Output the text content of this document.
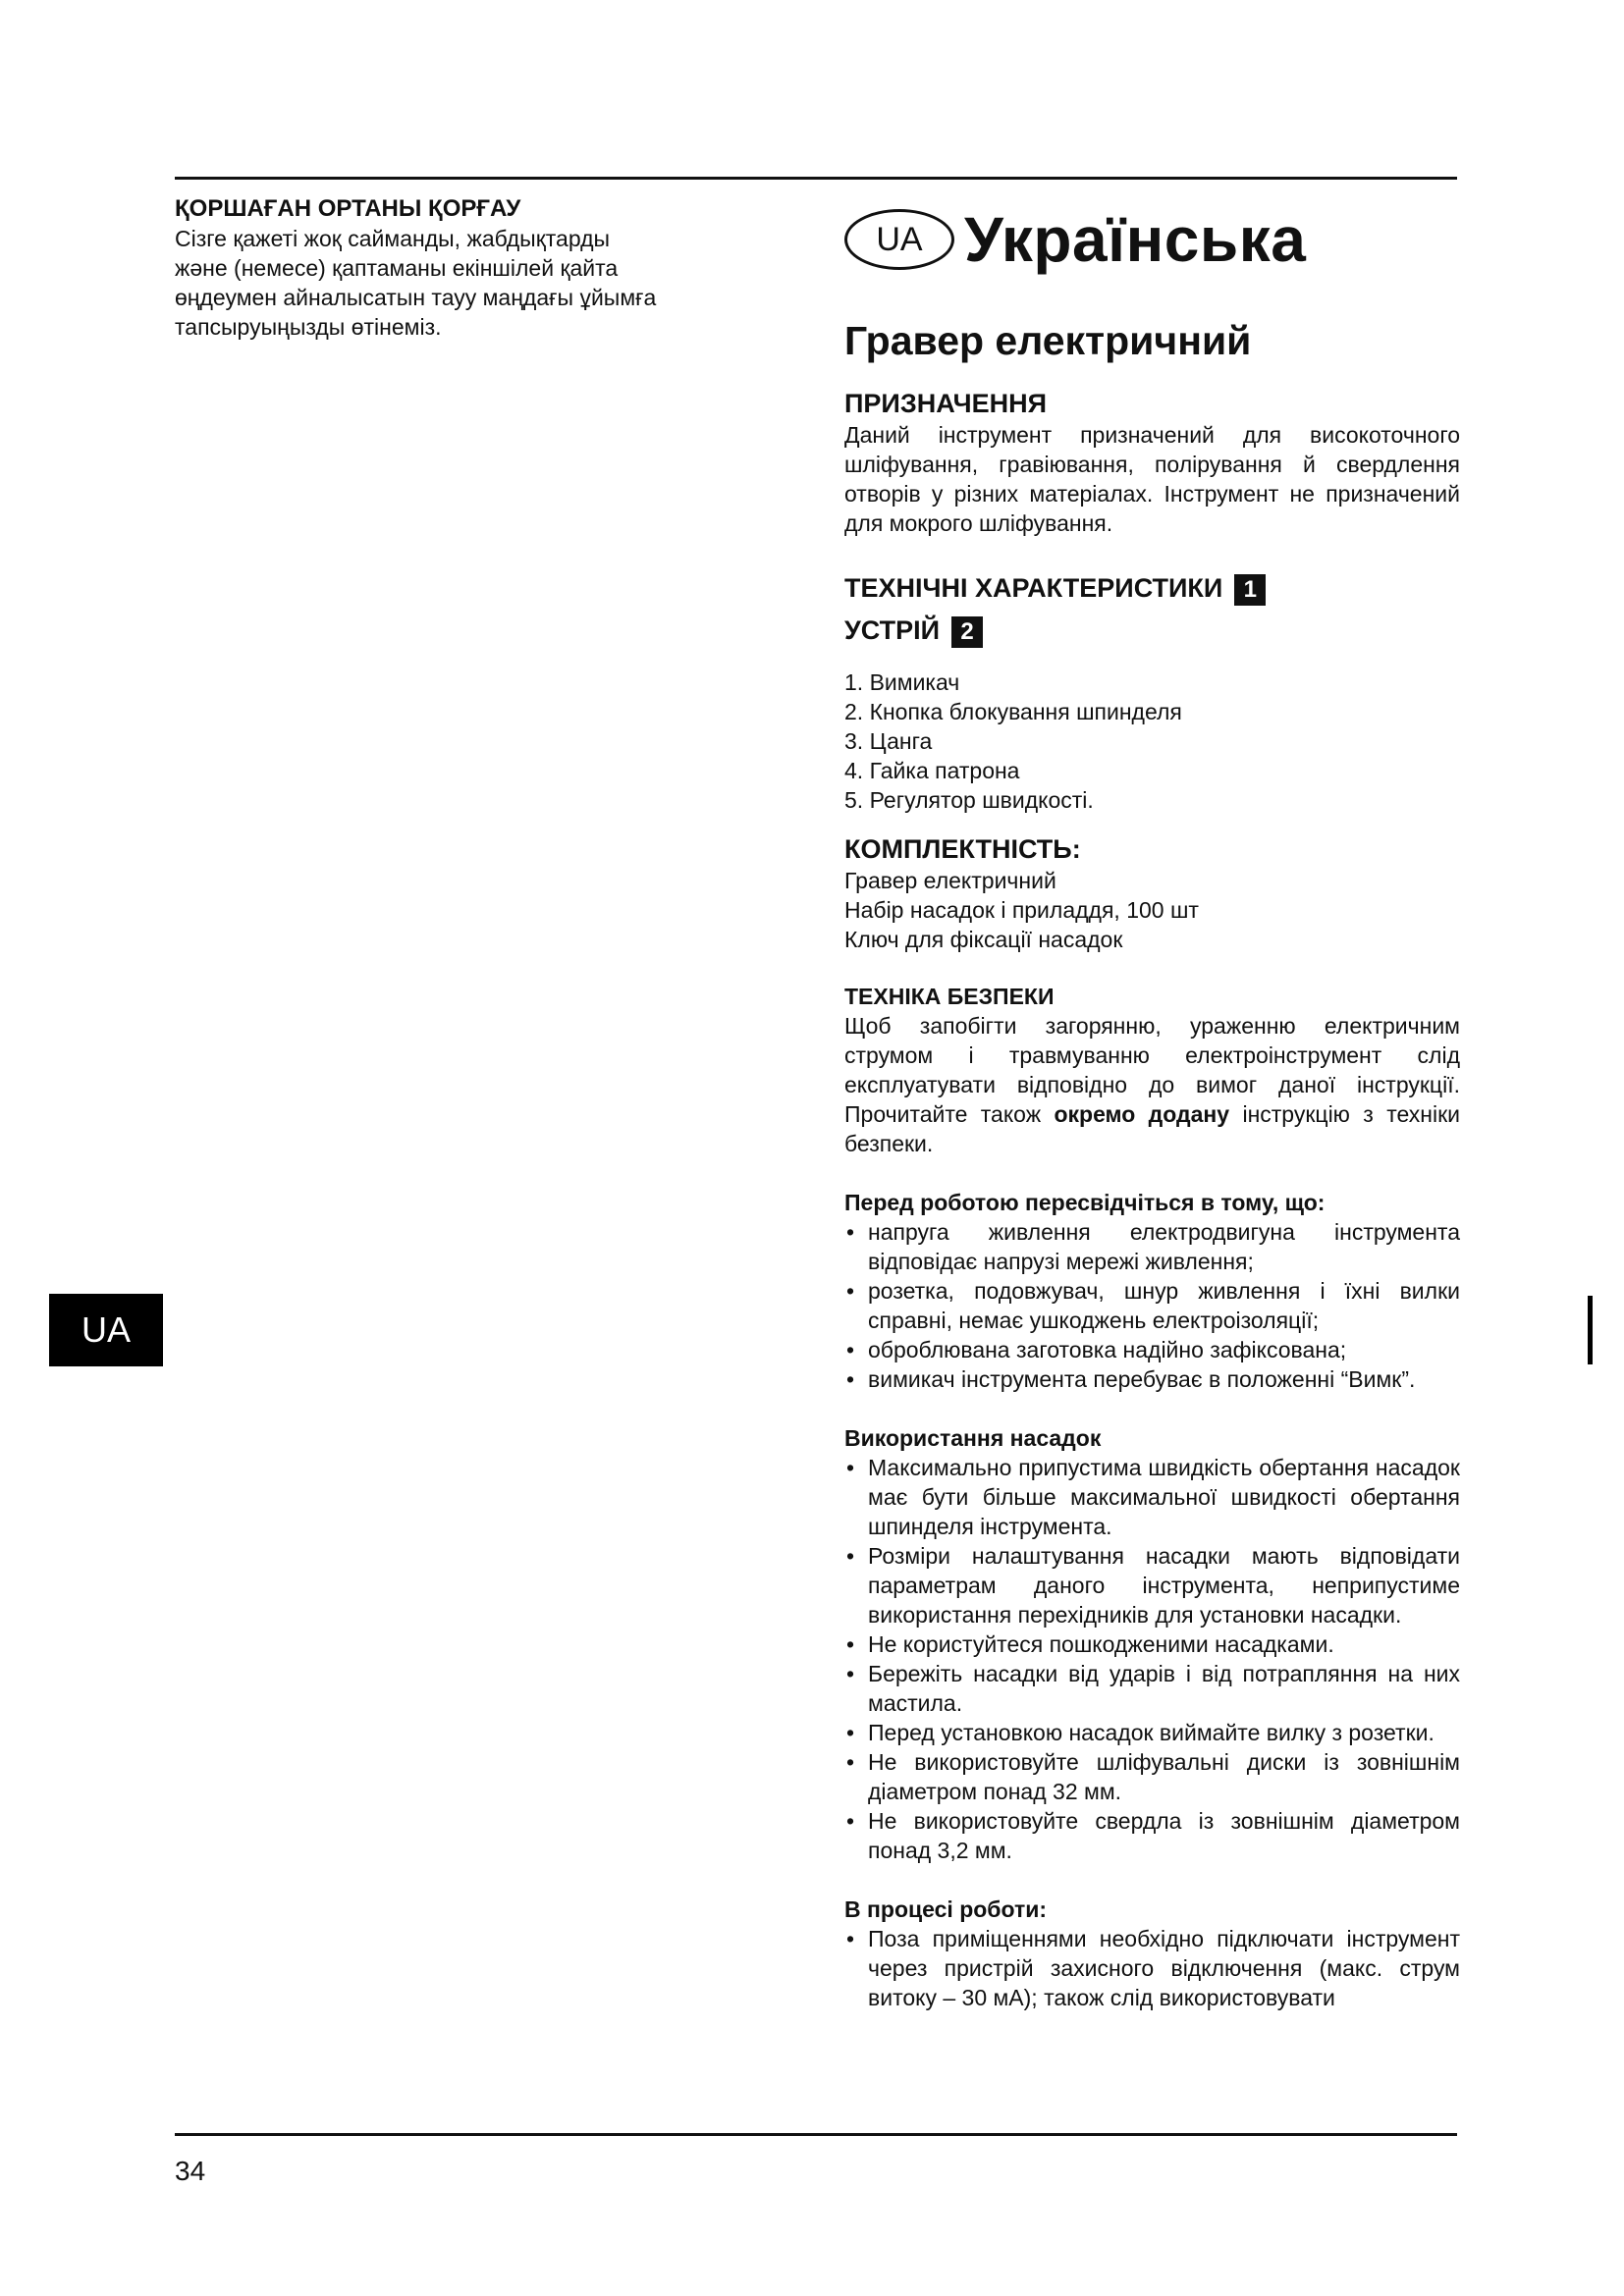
ҚОРШАҒАН ОРТАНЫ ҚОРҒАУ

Сізге қажеті жоқ сайманды, жабдықтарды

және (немесе) қаптаманы екіншілей қайта

өңдеумен айналысатын тауу маңдағы ұйымға

тапсыруыңызды өтінеміз.

UA Українська
Гравер електричний

ПРИЗНАЧЕННЯ

Даний інструмент призначений для високоточного шліфування, гравіювання, полірування й свердлення отворів у різних матеріалах. Інструмент не призначений для мокрого шліфування.

ТЕХНІЧНІ ХАРАКТЕРИСТИКИ 1

УСТРІЙ 2

1. Вимикач
2. Кнопка блокування шпинделя
3. Цанга
4. Гайка патрона
5. Регулятор швидкості.

КОМПЛЕКТНІСТЬ:

Гравер електричний

Набір насадок і приладдя, 100 шт

Ключ для фіксації насадок

ТЕХНІКА БЕЗПЕКИ

Щоб запобігти загорянню, ураженню електричним струмом і травмуванню електроінструмент слід експлуатувати відповідно до вимог даної інструкції. Прочитайте також окремо додану інструкцію з техніки безпеки.

Перед роботою пересвідчіться в тому, що:

• напруга живлення електродвигуна інструмента відповідає напрузі мережі живлення;
• розетка, подовжувач, шнур живлення і їхні вилки справні, немає ушкоджень електроізоляції;
• оброблювана заготовка надійно зафіксована;
• вимикач інструмента перебуває в положенні “Вимк”.

Використання насадок

• Максимально припустима швидкість обертання насадок має бути більше максимальної швидкості обертання шпинделя інструмента.
• Розміри налаштування насадки мають відповідати параметрам даного інструмента, неприпустиме використання перехідників для установки насадки.
• Не користуйтеся пошкодженими насадками.
• Бережіть насадки від ударів і від потрапляння на них мастила.
• Перед установкою насадок виймайте вилку з розетки.
• Не використовуйте шліфувальні диски із зовнішнім діаметром понад 32 мм.
• Не використовуйте свердла із зовнішнім діаметром понад 3,2 мм.

В процесі роботи:

• Поза приміщеннями необхідно підключати інструмент через пристрій захисного відключення (макс. струм витоку – 30 мА); також слід використовувати
UA
34
